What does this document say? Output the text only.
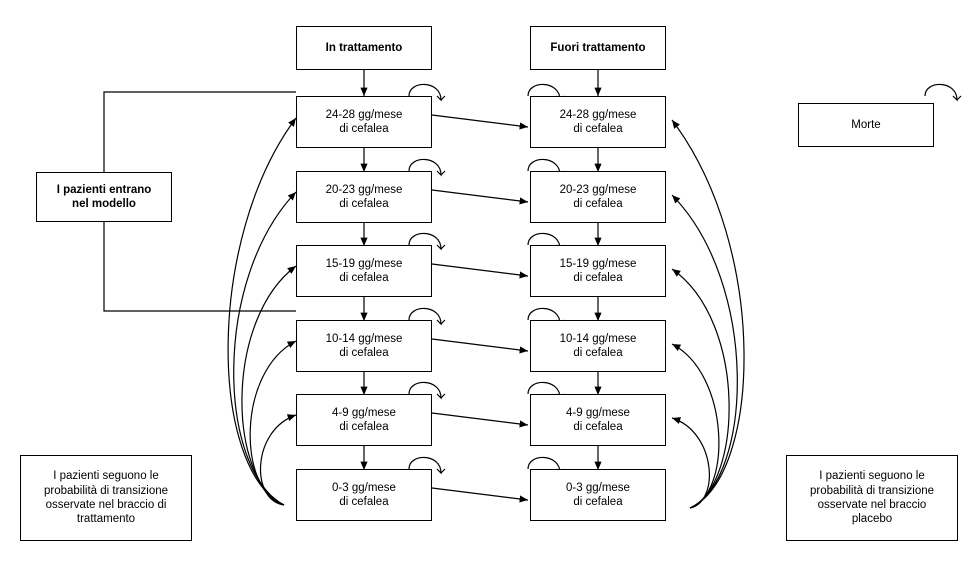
In trattamento	Fuori trattamento
Morte
I pazienti entrano
nel modello
I pazienti seguono le
probabilità di transizione
osservate nel braccio di
trattamento
I pazienti seguono le
probabilità di transizione
osservate nel braccio
placebo
24-28 gg/mese
di cefalea
20-23 gg/mese
di cefalea
15-19 gg/mese
di cefalea
10-14 gg/mese
di cefalea
4-9 gg/mese
di cefalea
0-3 gg/mese
di cefalea
24-28 gg/mese
di cefalea
20-23 gg/mese
di cefalea
15-19 gg/mese
di cefalea
10-14 gg/mese
di cefalea
4-9 gg/mese
di cefalea
0-3 gg/mese
di cefalea
